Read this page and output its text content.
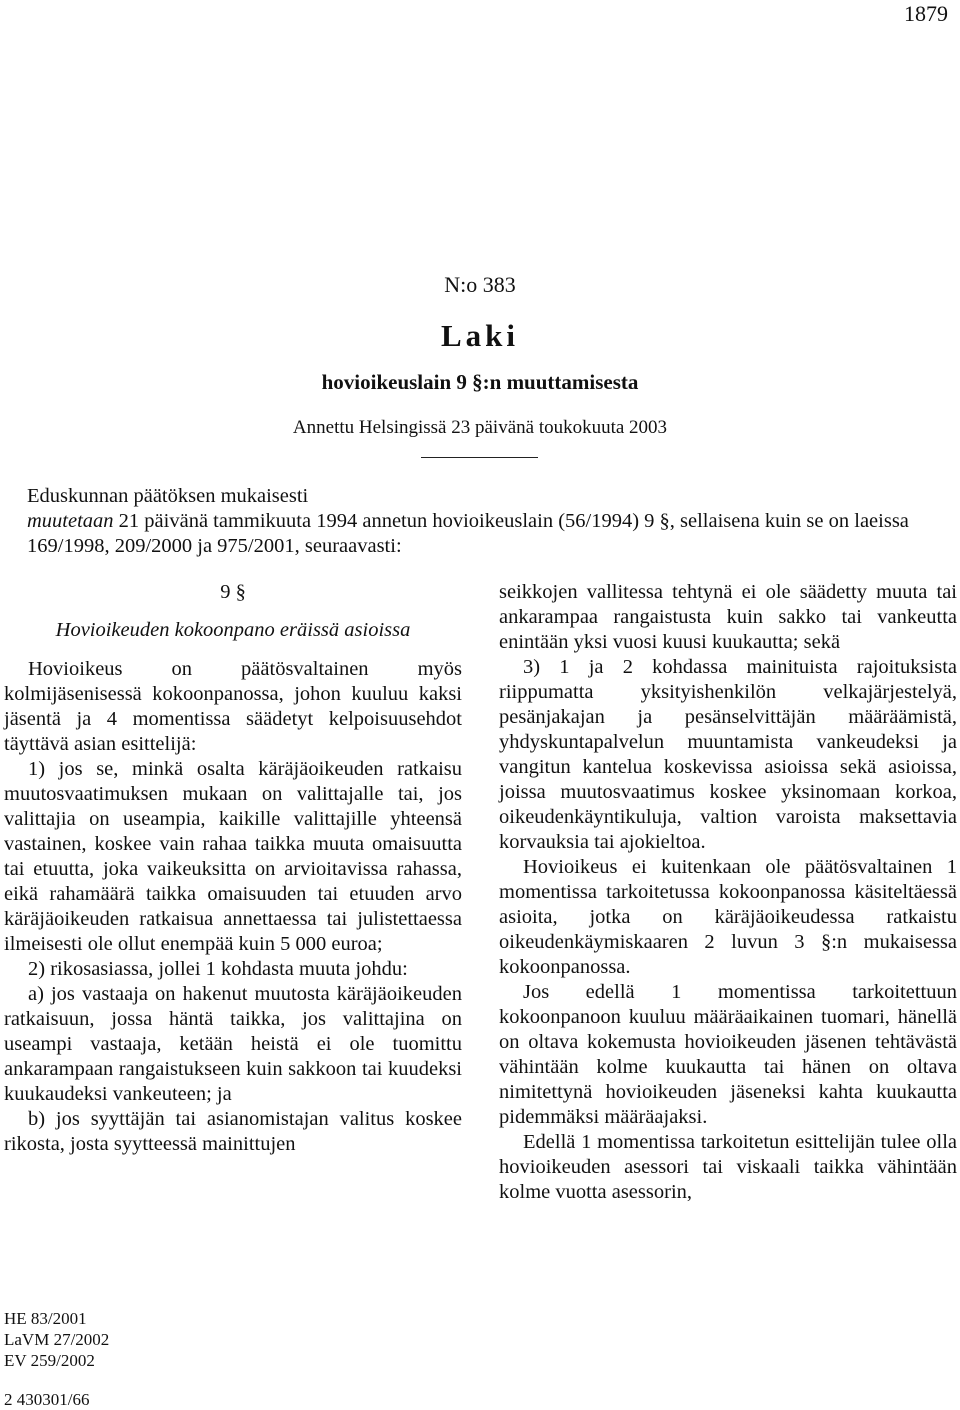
1879
N:o 383
Laki
hovioikeuslain 9 §:n muuttamisesta
Annettu Helsingissä 23 päivänä toukokuuta 2003

Eduskunnan päätöksen mukaisesti

muutetaan 21 päivänä tammikuuta 1994 annetun hovioikeuslain (56/1994) 9 §, sellaisena kuin se on laeissa 169/1998, 209/2000 ja 975/2001, seuraavasti:

9 §

Hovioikeuden kokoonpano eräissä asioissa

Hovioikeus on päätösvaltainen myös kolmijäsenisessä kokoonpanossa, johon kuuluu kaksi jäsentä ja 4 momentissa säädetyt kelpoisuusehdot täyttävä asian esittelijä:

1) jos se, minkä osalta käräjäoikeuden ratkaisu muutosvaatimuksen mukaan on valittajalle tai, jos valittajia on useampia, kaikille valittajille yhteensä vastainen, koskee vain rahaa taikka muuta omaisuutta tai etuutta, joka vaikeuksitta on arvioitavissa rahassa, eikä rahamäärä taikka omaisuuden tai etuuden arvo käräjäoikeuden ratkaisua annettaessa tai julistettaessa ilmeisesti ole ollut enempää kuin 5 000 euroa;

2) rikosasiassa, jollei 1 kohdasta muuta johdu:

a) jos vastaaja on hakenut muutosta käräjäoikeuden ratkaisuun, jossa häntä taikka, jos valittajina on useampi vastaaja, ketään heistä ei ole tuomittu ankarampaan rangaistukseen kuin sakkoon tai kuudeksi kuukaudeksi vankeuteen; ja

b) jos syyttäjän tai asianomistajan valitus koskee rikosta, josta syytteessä mainittujen

seikkojen vallitessa tehtynä ei ole säädetty muuta tai ankarampaa rangaistusta kuin sakko tai vankeutta enintään yksi vuosi kuusi kuukautta; sekä

3) 1 ja 2 kohdassa mainituista rajoituksista riippumatta yksityishenkilön velkajärjestelyä, pesänjakajan ja pesänselvittäjän määräämistä, yhdyskuntapalvelun muuntamista vankeudeksi ja vangitun kantelua koskevissa asioissa sekä asioissa, joissa muutosvaatimus koskee yksinomaan korkoa, oikeudenkäyntikuluja, valtion varoista maksettavia korvauksia tai ajokieltoa.

Hovioikeus ei kuitenkaan ole päätösvaltainen 1 momentissa tarkoitetussa kokoonpanossa käsiteltäessä asioita, jotka on käräjäoikeudessa ratkaistu oikeudenkäymiskaaren 2 luvun 3 §:n mukaisessa kokoonpanossa.

Jos edellä 1 momentissa tarkoitettuun kokoonpanoon kuuluu määräaikainen tuomari, hänellä on oltava kokemusta hovioikeuden jäsenen tehtävästä vähintään kolme kuukautta tai hänen on oltava nimitettynä hovioikeuden jäseneksi kahta kuukautta pidemmäksi määräajaksi.

Edellä 1 momentissa tarkoitetun esittelijän tulee olla hovioikeuden asessori tai viskaali taikka vähintään kolme vuotta asessorin,

HE 83/2001
LaVM 27/2002
EV 259/2002
2 430301/66
